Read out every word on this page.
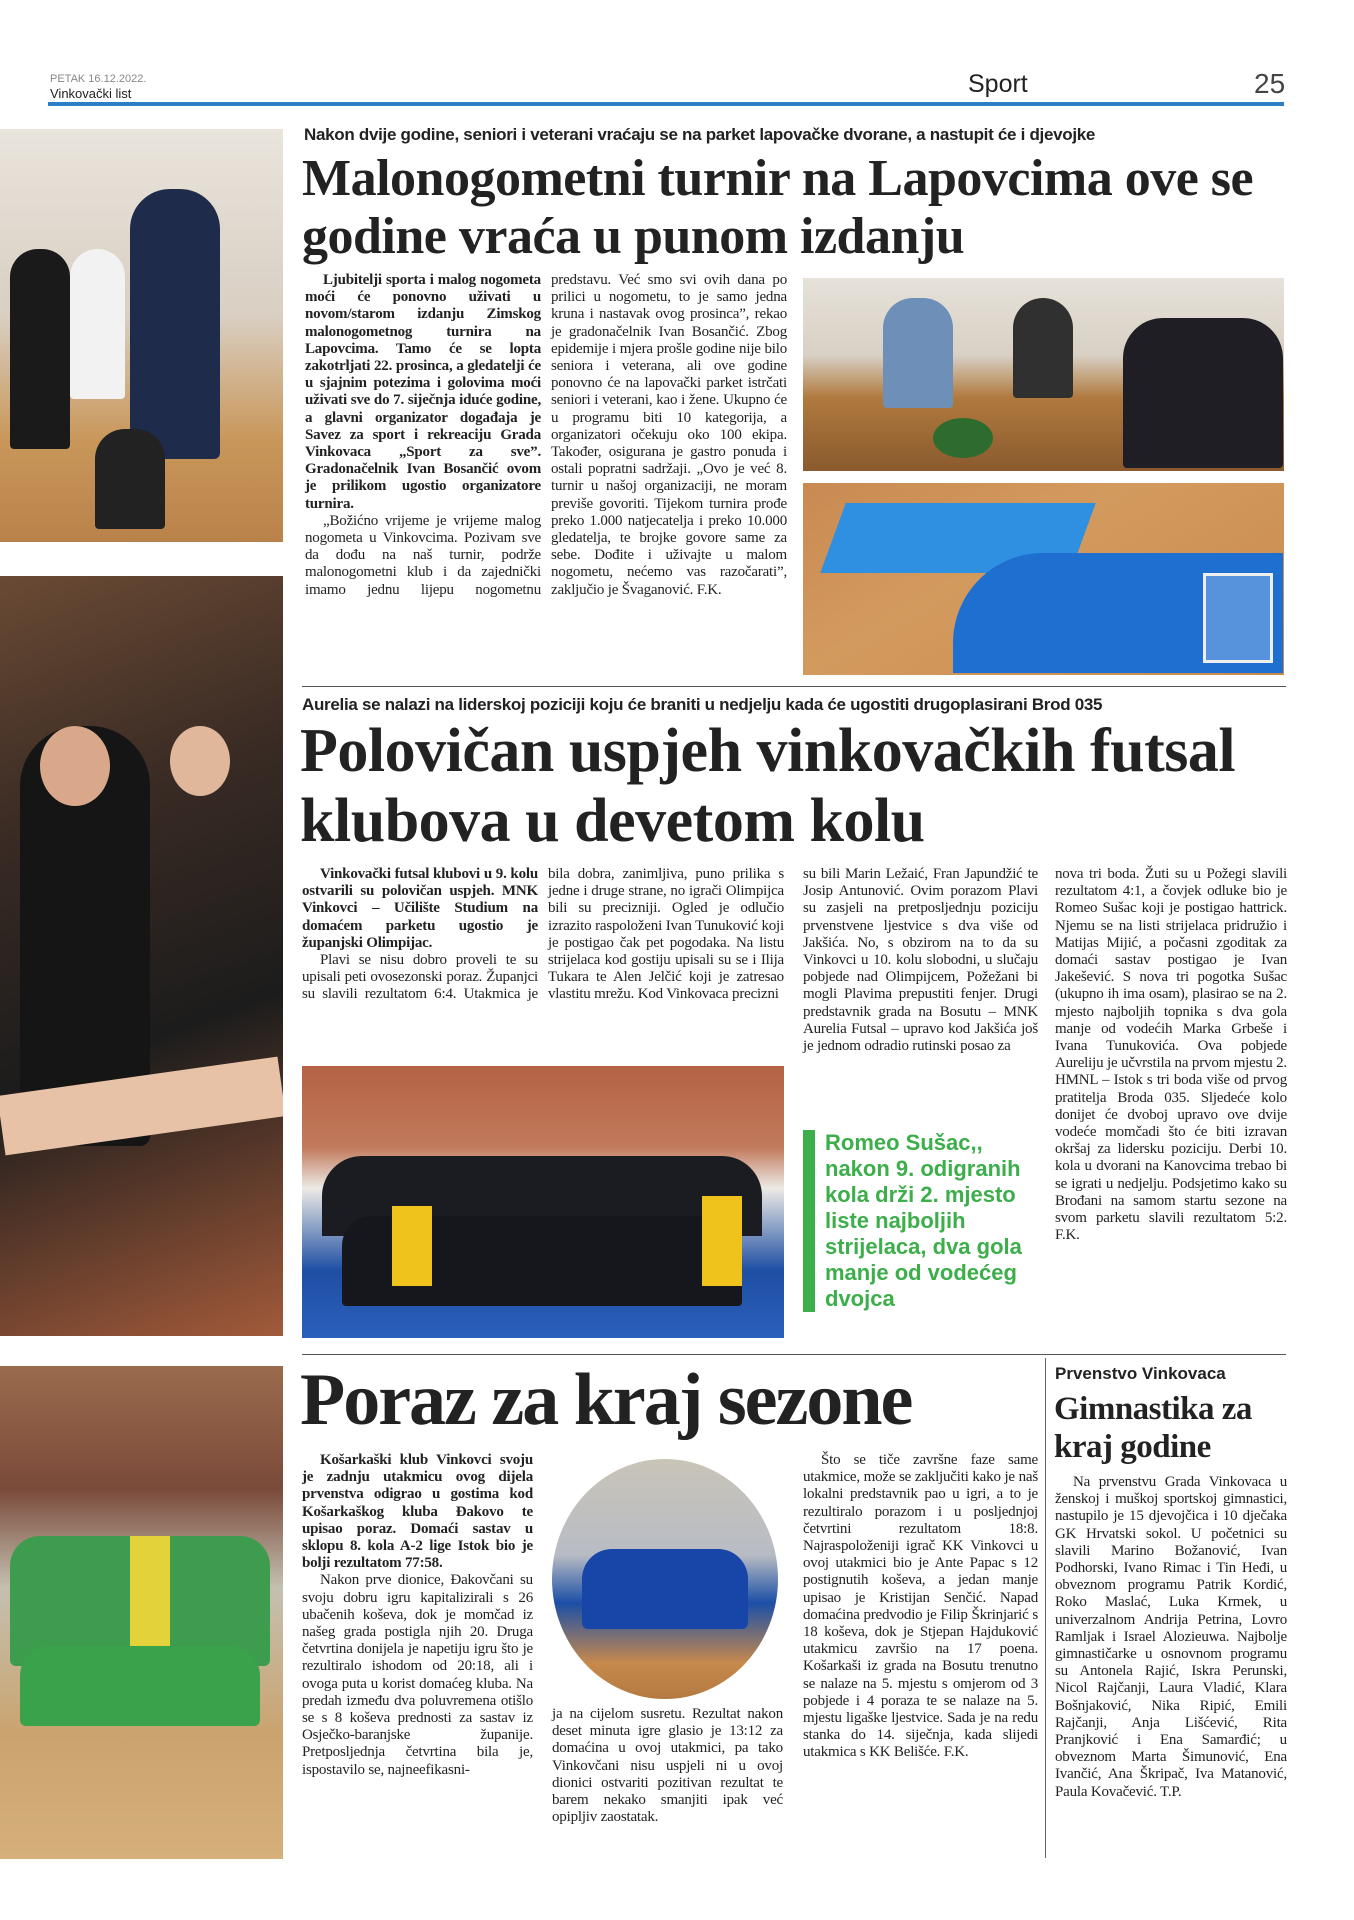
PETAK 16.12.2022.
Vinkovački list	Sport	25
Nakon dvije godine, seniori i veterani vraćaju se na parket lapovačke dvorane, a nastupit će i djevojke
Malonogometni turnir na Lapovcima ove se godine vraća u punom izdanju

Ljubitelji sporta i malog nogometa moći će ponovno uživati u novom/starom izdanju Zimskog malonogometnog turnira na Lapovcima. Tamo će se lopta zakotrljati 22. prosinca, a gledatelji će u sjajnim potezima i golovima moći uživati sve do 7. siječnja iduće godine, a glavni organizator događaja je Savez za sport i rekreaciju Grada Vinkovaca „Sport za sve”. Gradonačelnik Ivan Bosančić ovom je prilikom ugostio organizatore turnira.

„Božićno vrijeme je vrijeme malog nogometa u Vinkovcima. Pozivam sve da dođu na naš turnir, podrže malonogometni klub i da zajednički imamo jednu lijepu nogometnu predstavu. Već smo svi ovih dana po prilici u nogometu, to je samo jedna kruna i nastavak ovog prosinca”, rekao je gradonačelnik Ivan Bosančić. Zbog epidemije i mjera prošle godine nije bilo seniora i veterana, ali ove godine ponovno će na lapovački parket istrčati seniori i veterani, kao i žene. Ukupno će u programu biti 10 kategorija, a organizatori očekuju oko 100 ekipa. Također, osigurana je gastro ponuda i ostali popratni sadržaji. „Ovo je već 8. turnir u našoj organizaciji, ne moram previše govoriti. Tijekom turnira prođe preko 1.000 natjecatelja i preko 10.000 gledatelja, te brojke govore same za sebe. Dođite i uživajte u malom nogometu, nećemo vas razočarati”, zaključio je Švaganović. F.K.

Aurelia se nalazi na liderskoj poziciji koju će braniti u nedjelju kada će ugostiti drugoplasirani Brod 035
Polovičan uspjeh vinkovačkih futsal klubova u devetom kolu

Vinkovački futsal klubovi u 9. kolu ostvarili su polovičan uspjeh. MNK Vinkovci – Učilište Studium na domaćem parketu ugostio je županjski Olimpijac.

Plavi se nisu dobro proveli te su upisali peti ovosezonski poraz. Županjci su slavili rezultatom 6:4. Utakmica je bila dobra, zanimljiva, puno prilika s jedne i druge strane, no igrači Olimpijca bili su precizniji. Ogled je odlučio izrazito raspoloženi Ivan Tunuković koji je postigao čak pet pogodaka. Na listu strijelaca kod gostiju upisali su se i Ilija Tukara te Alen Jelčić koji je zatresao vlastitu mrežu. Kod Vinkovaca precizni

su bili Marin Ležaić, Fran Japundžić te Josip Antunović. Ovim porazom Plavi su zasjeli na pretposljednju poziciju prvenstvene ljestvice s dva više od Jakšića. No, s obzirom na to da su Vinkovci u 10. kolu slobodni, u slučaju pobjede nad Olimpijcem, Požežani bi mogli Plavima prepustiti fenjer. Drugi predstavnik grada na Bosutu – MNK Aurelia Futsal – upravo kod Jakšića još je jednom odradio rutinski posao za

Romeo Sušac,, nakon 9. odigranih kola drži 2. mjesto liste najboljih strijelaca, dva gola manje od vodećeg dvojca

nova tri boda. Žuti su u Požegi slavili rezultatom 4:1, a čovjek odluke bio je Romeo Sušac koji je postigao hattrick. Njemu se na listi strijelaca pridružio i Matijas Mijić, a počasni zgoditak za domaći sastav postigao je Ivan Jakešević. S nova tri pogotka Sušac (ukupno ih ima osam), plasirao se na 2. mjesto najboljih topnika s dva gola manje od vodećih Marka Grbeše i Ivana Tunukovića. Ova pobjede Aureliju je učvrstila na prvom mjestu 2. HMNL – Istok s tri boda više od prvog pratitelja Broda 035. Sljedeće kolo donijet će dvoboj upravo ove dvije vodeće momčadi što će biti izravan okršaj za lidersku poziciju. Derbi 10. kola u dvorani na Kanovcima trebao bi se igrati u nedjelju. Podsjetimo kako su Brođani na samom startu sezone na svom parketu slavili rezultatom 5:2. F.K.

Poraz za kraj sezone

Košarkaški klub Vinkovci svoju je zadnju utakmicu ovog dijela prvenstva odigrao u gostima kod Košarkaškog kluba Đakovo te upisao poraz. Domaći sastav u sklopu 8. kola A-2 lige Istok bio je bolji rezultatom 77:58.

Nakon prve dionice, Đakovčani su svoju dobru igru kapitalizirali s 26 ubačenih koševa, dok je momčad iz našeg grada postigla njih 20. Druga četvrtina donijela je napetiju igru što je rezultiralo ishodom od 20:18, ali i ovoga puta u korist domaćeg kluba. Na predah između dva poluvremena otišlo se s 8 koševa prednosti za sastav iz Osječko-baranjske županije. Pretposljednja četvrtina bila je, ispostavilo se, najneefikasni-

ja na cijelom susretu. Rezultat nakon deset minuta igre glasio je 13:12 za domaćina u ovoj utakmici, pa tako Vinkovčani nisu uspjeli ni u ovoj dionici ostvariti pozitivan rezultat te barem nekako smanjiti ipak već opipljiv zaostatak.

Što se tiče završne faze same utakmice, može se zaključiti kako je naš lokalni predstavnik pao u igri, a to je rezultiralo porazom i u posljednjoj četvrtini rezultatom 18:8. Najraspoloženiji igrač KK Vinkovci u ovoj utakmici bio je Ante Papac s 12 postignutih koševa, a jedan manje upisao je Kristijan Senčić. Napad domaćina predvodio je Filip Škrinjarić s 18 koševa, dok je Stjepan Hajduković utakmicu završio na 17 poena. Košarkaši iz grada na Bosutu trenutno se nalaze na 5. mjestu s omjerom od 3 pobjede i 4 poraza te se nalaze na 5. mjestu ligaške ljestvice. Sada je na redu stanka do 14. siječnja, kada slijedi utakmica s KK Belišće. F.K.

Prvenstvo Vinkovaca
Gimnastika za kraj godine

Na prvenstvu Grada Vinkovaca u ženskoj i muškoj sportskoj gimnastici, nastupilo je 15 djevojčica i 10 dječaka GK Hrvatski sokol. U početnici su slavili Marino Božanović, Ivan Podhorski, Ivano Rimac i Tin Heđi, u obveznom programu Patrik Kordić, Roko Maslać, Luka Krmek, u univerzalnom Andrija Petrina, Lovro Ramljak i Israel Alozieuwa. Najbolje gimnastičarke u osnovnom programu su Antonela Rajić, Iskra Perunski, Nicol Rajčanji, Laura Vladić, Klara Bošnjaković, Nika Ripić, Emili Rajčanji, Anja Lišćević, Rita Pranjković i Ena Samarđić; u obveznom Marta Šimunović, Ena Ivančić, Ana Škripač, Iva Matanović, Paula Kovačević. T.P.
